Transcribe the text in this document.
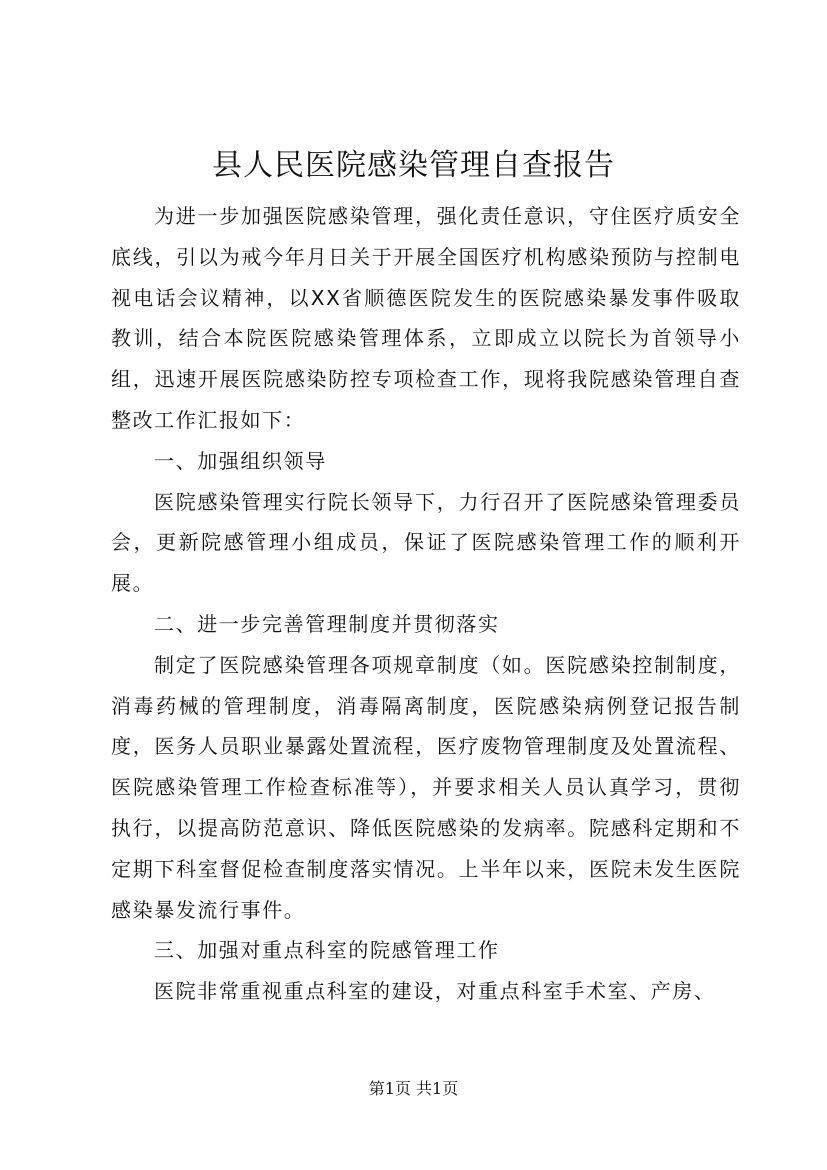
县人民医院感染管理自查报告

为进一步加强医院感染管理，强化责任意识，守住医疗质安全底线，引以为戒今年月日关于开展全国医疗机构感染预防与控制电视电话会议精神，以XX省顺德医院发生的医院感染暴发事件吸取教训，结合本院医院感染管理体系，立即成立以院长为首领导小组，迅速开展医院感染防控专项检查工作，现将我院感染管理自查整改工作汇报如下：

一、加强组织领导

医院感染管理实行院长领导下，力行召开了医院感染管理委员会，更新院感管理小组成员，保证了医院感染管理工作的顺利开展。

二、进一步完善管理制度并贯彻落实

制定了医院感染管理各项规章制度（如。医院感染控制制度，消毒药械的管理制度，消毒隔离制度，医院感染病例登记报告制度，医务人员职业暴露处置流程，医疗废物管理制度及处置流程、医院感染管理工作检查标准等），并要求相关人员认真学习，贯彻执行，以提高防范意识、降低医院感染的发病率。院感科定期和不定期下科室督促检查制度落实情况。上半年以来，医院未发生医院感染暴发流行事件。

三、加强对重点科室的院感管理工作

医院非常重视重点科室的建设，对重点科室手术室、产房、

第1页 共1页
